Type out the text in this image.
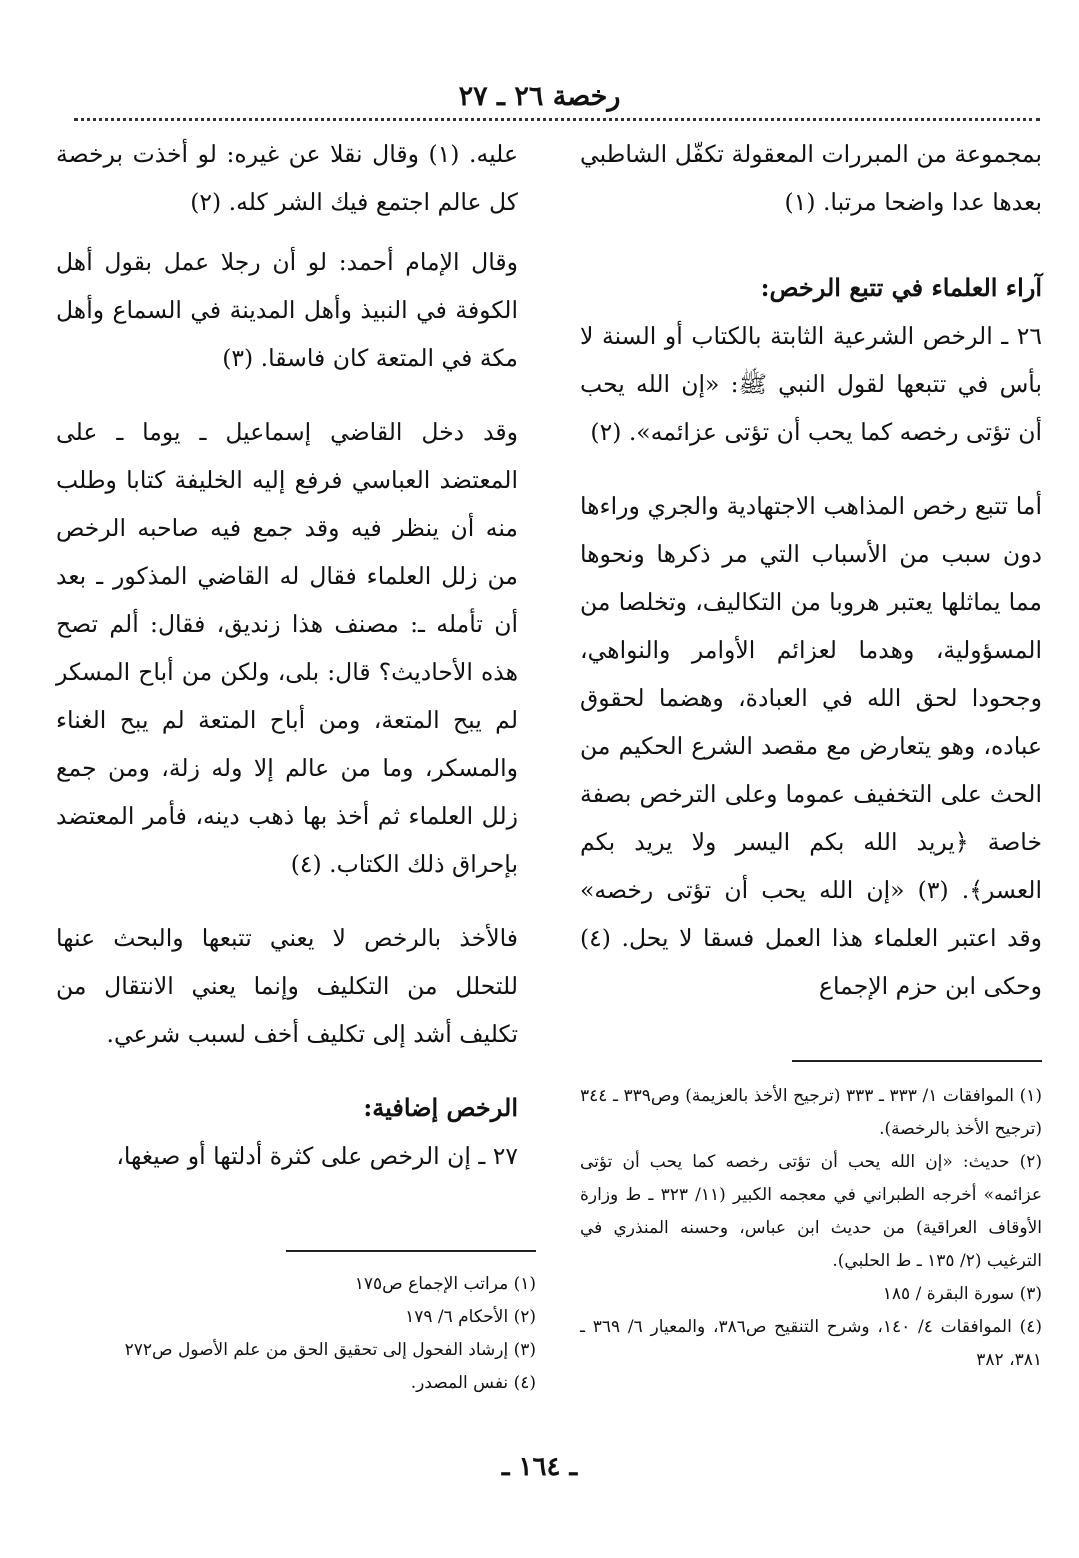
رخصة ٢٦ ـ ٢٧

بمجموعة من المبررات المعقولة تكفّل الشاطبي بعدها عدا واضحا مرتبا. (١)

آراء العلماء في تتبع الرخص:

٢٦ ـ الرخص الشرعية الثابتة بالكتاب أو السنة لا بأس في تتبعها لقول النبي ﷺ: «إن الله يحب أن تؤتى رخصه كما يحب أن تؤتى عزائمه». (٢)

أما تتبع رخص المذاهب الاجتهادية والجري وراءها دون سبب من الأسباب التي مر ذكرها ونحوها مما يماثلها يعتبر هروبا من التكاليف، وتخلصا من المسؤولية، وهدما لعزائم الأوامر والنواهي، وجحودا لحق الله في العبادة، وهضما لحقوق عباده، وهو يتعارض مع مقصد الشرع الحكيم من الحث على التخفيف عموما وعلى الترخص بصفة خاصة ﴿يريد الله بكم اليسر ولا يريد بكم العسر﴾. (٣) «إن الله يحب أن تؤتى رخصه» وقد اعتبر العلماء هذا العمل فسقا لا يحل. (٤) وحكى ابن حزم الإجماع

(١) الموافقات ١/ ٣٣٣ ـ ٣٣٣ (ترجيح الأخذ بالعزيمة) وص٣٣٩ ـ ٣٤٤ (ترجيح الأخذ بالرخصة).
(٢) حديث: «إن الله يحب أن تؤتى رخصه كما يحب أن تؤتى عزائمه» أخرجه الطبراني في معجمه الكبير (١١/ ٣٢٣ ـ ط وزارة الأوقاف العراقية) من حديث ابن عباس، وحسنه المنذري في الترغيب (٢/ ١٣٥ ـ ط الحلبي).
(٣) سورة البقرة / ١٨٥
(٤) الموافقات ٤/ ١٤٠، وشرح التنقيح ص٣٨٦، والمعيار ٦/ ٣٦٩ ـ ٣٨١، ٣٨٢

عليه. (١) وقال نقلا عن غيره: لو أخذت برخصة كل عالم اجتمع فيك الشر كله. (٢)

وقال الإمام أحمد: لو أن رجلا عمل بقول أهل الكوفة في النبيذ وأهل المدينة في السماع وأهل مكة في المتعة كان فاسقا. (٣)

وقد دخل القاضي إسماعيل ـ يوما ـ على المعتضد العباسي فرفع إليه الخليفة كتابا وطلب منه أن ينظر فيه وقد جمع فيه صاحبه الرخص من زلل العلماء فقال له القاضي المذكور ـ بعد أن تأمله ـ: مصنف هذا زنديق، فقال: ألم تصح هذه الأحاديث؟ قال: بلى، ولكن من أباح المسكر لم يبح المتعة، ومن أباح المتعة لم يبح الغناء والمسكر، وما من عالم إلا وله زلة، ومن جمع زلل العلماء ثم أخذ بها ذهب دينه، فأمر المعتضد بإحراق ذلك الكتاب. (٤)

فالأخذ بالرخص لا يعني تتبعها والبحث عنها للتحلل من التكليف وإنما يعني الانتقال من تكليف أشد إلى تكليف أخف لسبب شرعي.

الرخص إضافية:

٢٧ ـ إن الرخص على كثرة أدلتها أو صيغها،

(١) مراتب الإجماع ص١٧٥
(٢) الأحكام ٦/ ١٧٩
(٣) إرشاد الفحول إلى تحقيق الحق من علم الأصول ص٢٧٢
(٤) نفس المصدر.
ـ ١٦٤ ـ
